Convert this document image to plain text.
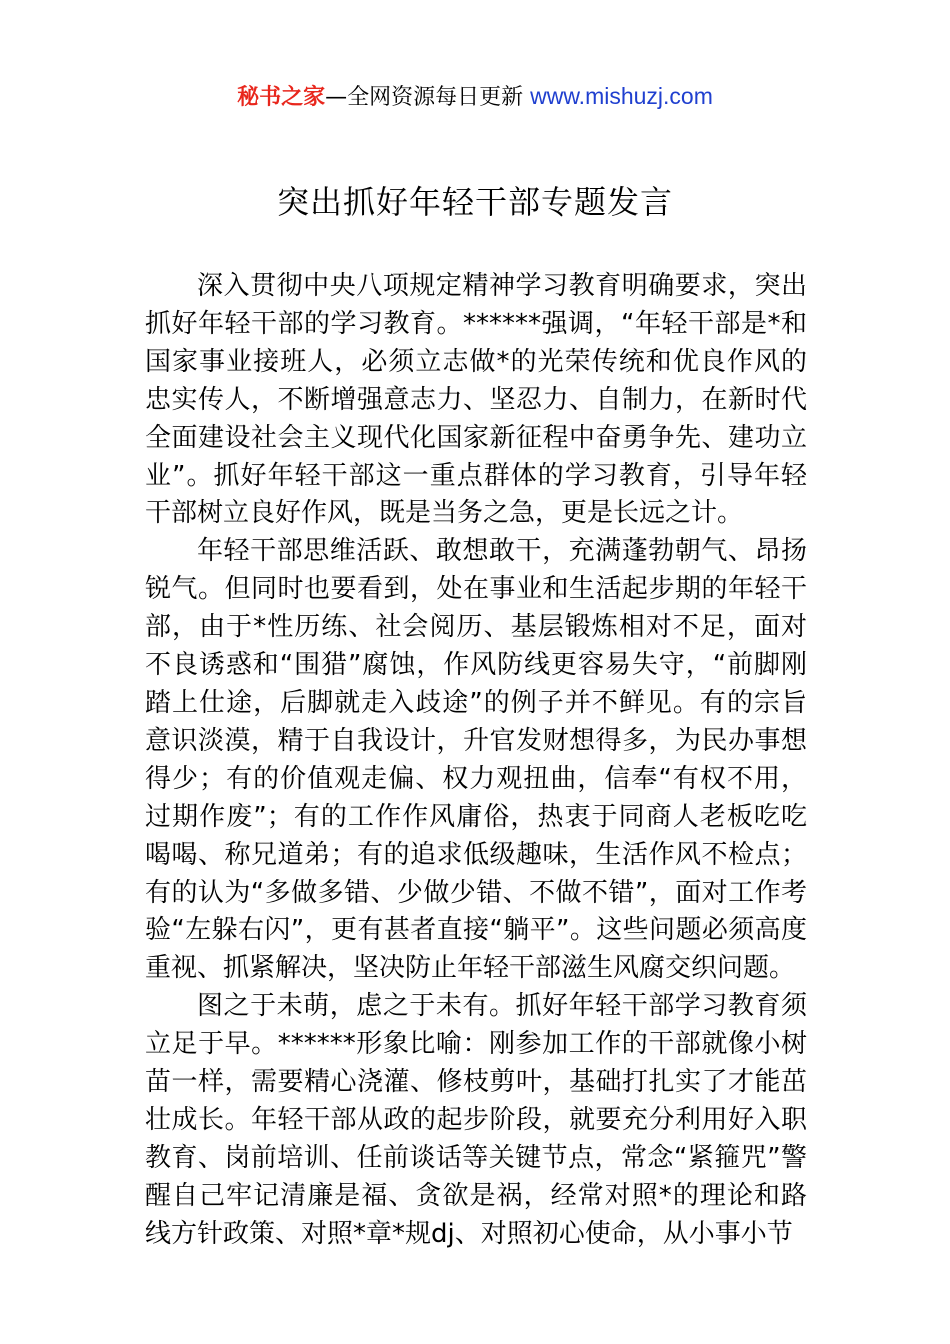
秘书之家—全网资源每日更新 www.mishuzj.com
突出抓好年轻干部专题发言

深入贯彻中央八项规定精神学习教育明确要求，突出抓好年轻干部的学习教育。******强调，“年轻干部是*和国家事业接班人，必须立志做*的光荣传统和优良作风的忠实传人，不断增强意志力、坚忍力、自制力，在新时代全面建设社会主义现代化国家新征程中奋勇争先、建功立业”。抓好年轻干部这一重点群体的学习教育，引导年轻干部树立良好作风，既是当务之急，更是长远之计。

年轻干部思维活跃、敢想敢干，充满蓬勃朝气、昂扬锐气。但同时也要看到，处在事业和生活起步期的年轻干部，由于*性历练、社会阅历、基层锻炼相对不足，面对不良诱惑和“围猎”腐蚀，作风防线更容易失守，“前脚刚踏上仕途，后脚就走入歧途”的例子并不鲜见。有的宗旨意识淡漠，精于自我设计，升官发财想得多，为民办事想得少；有的价值观走偏、权力观扭曲，信奉“有权不用，过期作废”；有的工作作风庸俗，热衷于同商人老板吃吃喝喝、称兄道弟；有的追求低级趣味，生活作风不检点；有的认为“多做多错、少做少错、不做不错”，面对工作考验“左躲右闪”，更有甚者直接“躺平”。这些问题必须高度重视、抓紧解决，坚决防止年轻干部滋生风腐交织问题。

图之于未萌，虑之于未有。抓好年轻干部学习教育须立足于早。******形象比喻：刚参加工作的干部就像小树苗一样，需要精心浇灌、修枝剪叶，基础打扎实了才能茁壮成长。年轻干部从政的起步阶段，就要充分利用好入职教育、岗前培训、任前谈话等关键节点，常念“紧箍咒”警醒自己牢记清廉是福、贪欲是祸，经常对照*的理论和路线方针政策、对照*章*规dj、对照初心使命，从小事小节
